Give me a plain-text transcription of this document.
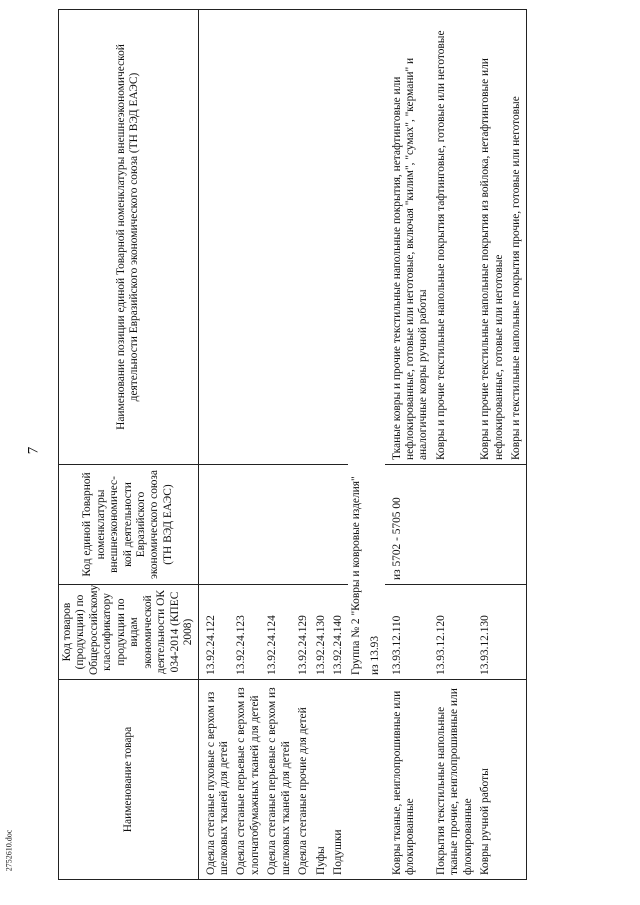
7
2752610.doc
Наименование товара	Код товаров (продукции) по Общероссийскому классификатору продукции по видам экономической деятельности ОК 034-2014 (КПЕС 2008)	Код единой Товарной номенклатуры внешнеэкономичес-кой деятельности Евразийского экономического союза (ТН ВЭД ЕАЭС)	Наименование позиции единой Товарной номенклатуры внешнеэкономической деятельности Евразийского экономического союза (ТН ВЭД ЕАЭС)

Одеяла стеганые пуховые с верхом из шелковых тканей для детей	13.92.24.122		
Одеяла стеганые перьевые с верхом из хлопчатобумажных тканей для детей	13.92.24.123		
Одеяла стеганые перьевые с верхом из шелковых тканей для детей	13.92.24.124		
Одеяла стеганые прочие для детей	13.92.24.129		
Пуфы	13.92.24.130		
Подушки	13.92.24.140		

	Группа № 2 "Ковры и ковровые изделия" из 13.93		

Ковры тканые, неиглопрошивные или флокированные	13.93.12.110	из 5702 - 5705 00	Тканые ковры и прочие текстильные напольные покрытия, нетафтинговые или нефлокированные, готовые или неготовые, включая "килим", "сумах", "кермани" и аналогичные ковры ручной работы
Покрытия текстильные напольные тканые прочие, неиглопрошивные или флокированные	13.93.12.120		Ковры и прочие текстильные напольные покрытия тафтинговые, готовые или неготовые
Ковры ручной работы	13.93.12.130		Ковры и прочие текстильные напольные покрытия из войлока, нетафтинговые или нефлокированные, готовые или неготовые
			Ковры и текстильные напольные покрытия прочие, готовые или неготовые
